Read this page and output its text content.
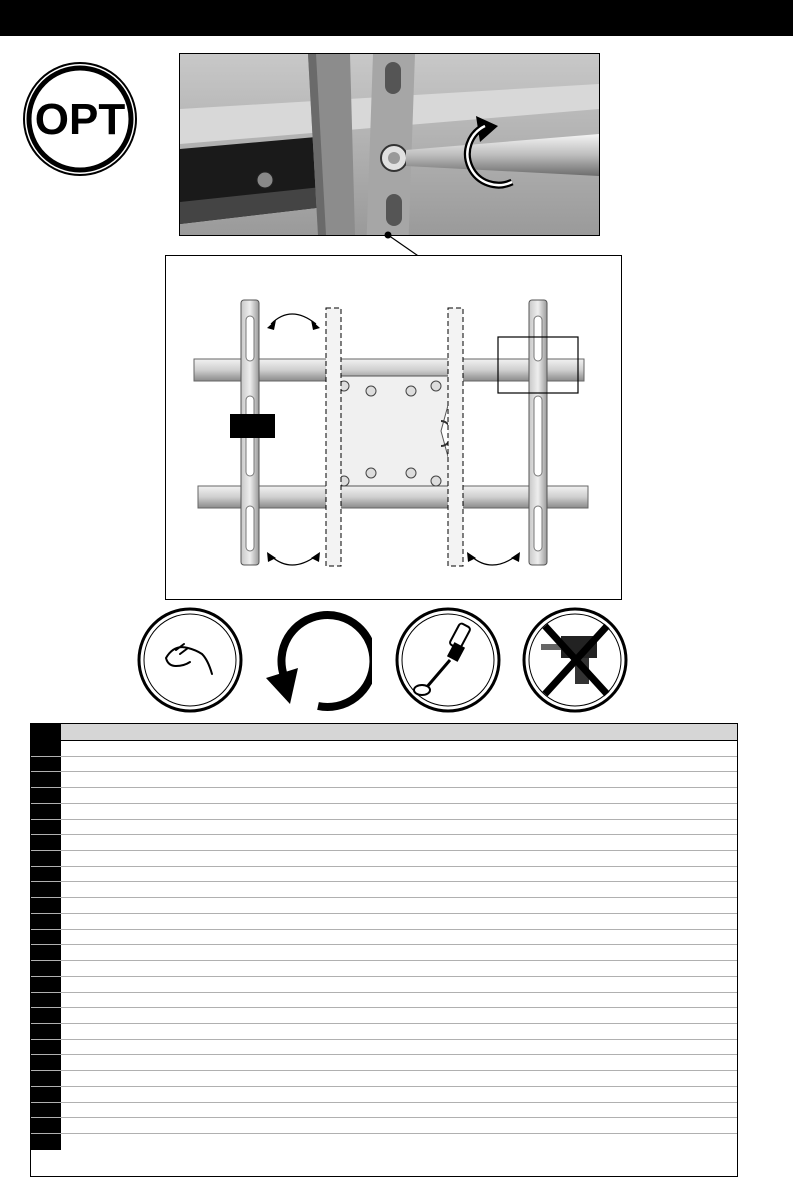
OPT
